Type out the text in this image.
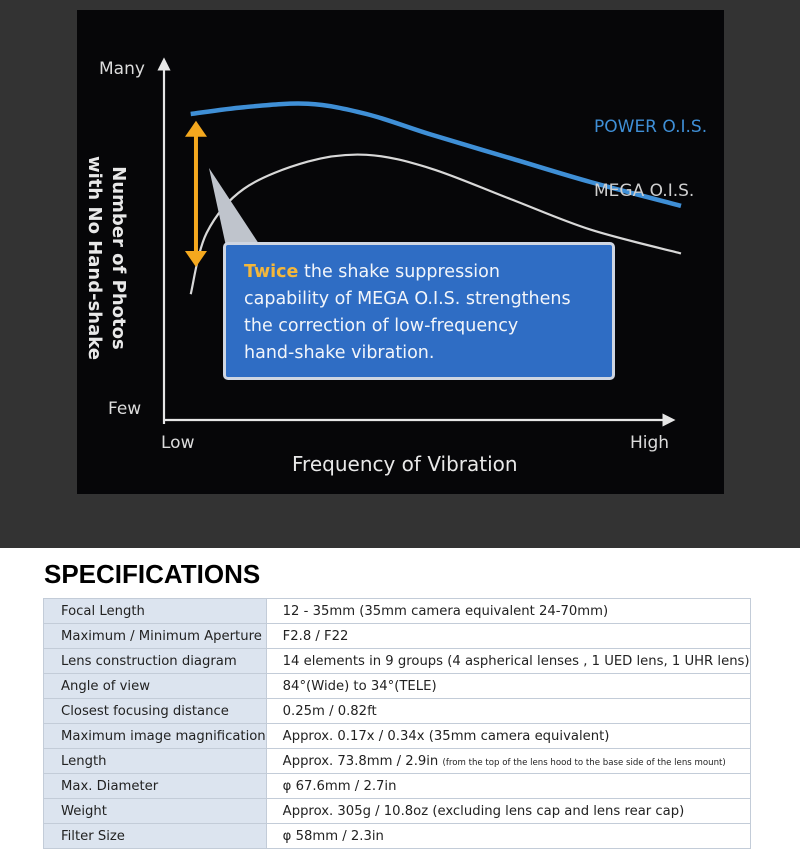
Many
Few
Low	High
Frequency of Vibration
Number of Photos
with No Hand-shake
POWER O.I.S.
MEGA O.I.S.
Twice the shake suppression
capability of MEGA O.I.S. strengthens
the correction of low-frequency
hand-shake vibration.
SPECIFICATIONS
Focal Length	12 - 35mm (35mm camera equivalent 24-70mm)
Maximum / Minimum Aperture	F2.8 / F22
Lens construction diagram	14 elements in 9 groups (4 aspherical lenses , 1 UED lens, 1 UHR lens)
Angle of view	84°(Wide) to 34°(TELE)
Closest focusing distance	0.25m / 0.82ft
Maximum image magnification	Approx. 0.17x / 0.34x (35mm camera equivalent)
Length	Approx. 73.8mm / 2.9in (from the top of the lens hood to the base side of the lens mount)
Max. Diameter	φ 67.6mm / 2.7in
Weight	Approx. 305g / 10.8oz (excluding lens cap and lens rear cap)
Filter Size	φ 58mm / 2.3in
